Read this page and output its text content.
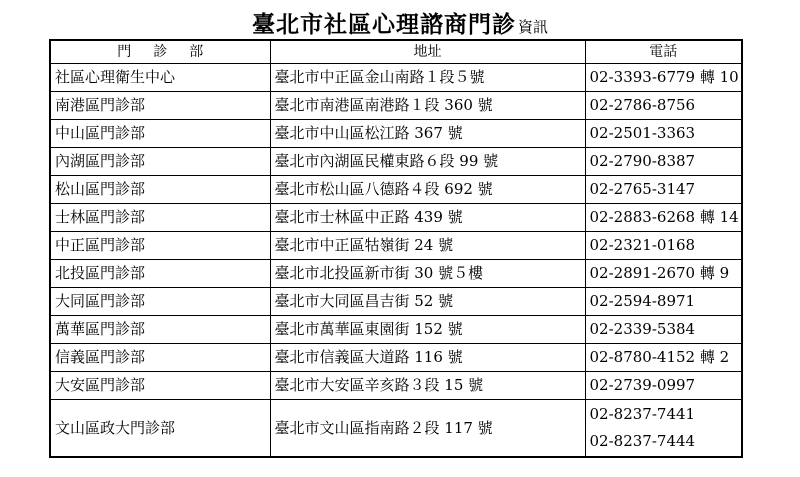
臺北市社區心理諮商門診 資訊
門診部	地址	電話
社區心理衛生中心	臺北市中正區金山南路１段５號	02-3393-6779 轉 10

南港區門診部	臺北市南港區南港路１段 360 號	02-2786-8756

中山區門診部	臺北市中山區松江路 367 號	02-2501-3363

內湖區門診部	臺北市內湖區民權東路６段 99 號	02-2790-8387

松山區門診部	臺北市松山區八德路４段 692 號	02-2765-3147

士林區門診部	臺北市士林區中正路 439 號	02-2883-6268 轉 14

中正區門診部	臺北市中正區牯嶺街 24 號	02-2321-0168

北投區門診部	臺北市北投區新市街 30 號５樓	02-2891-2670 轉 9

大同區門診部	臺北市大同區昌吉街 52 號	02-2594-8971

萬華區門診部	臺北市萬華區東園街 152 號	02-2339-5384

信義區門診部	臺北市信義區大道路 116 號	02-8780-4152 轉 2

大安區門診部	臺北市大安區辛亥路３段 15 號	02-2739-0997

文山區政大門診部	臺北市文山區指南路２段 117 號	02-8237-7441
02-8237-7444
